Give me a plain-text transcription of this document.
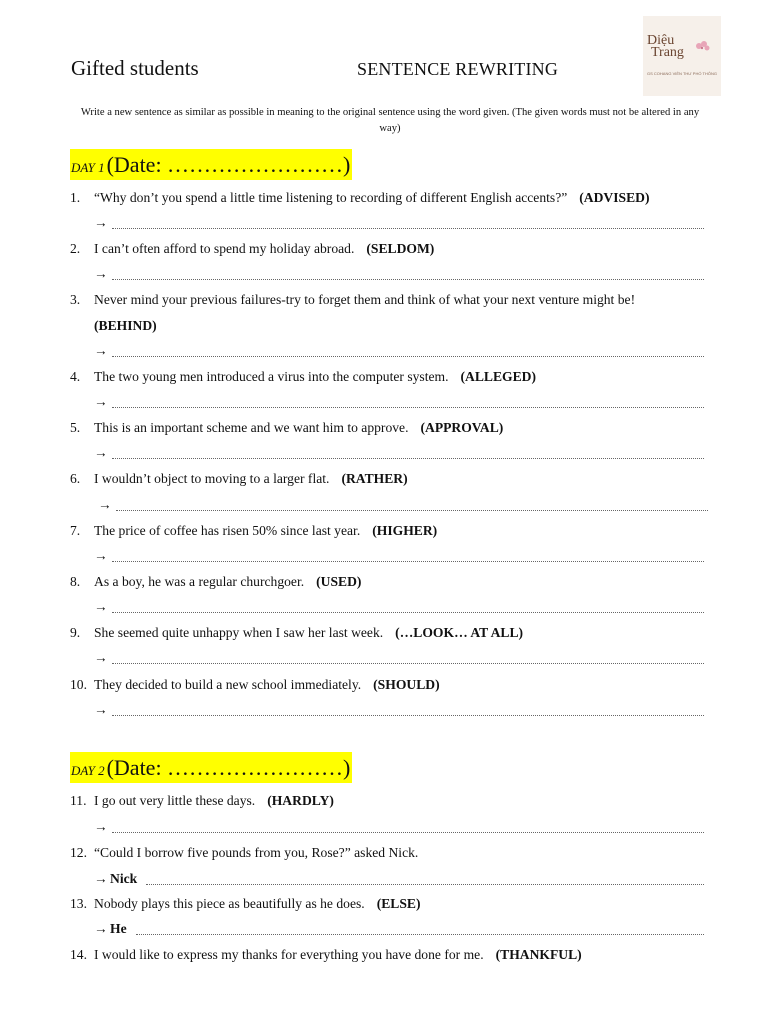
Gifted students	SENTENCE REWRITING
Diệu
Trang
GS COHANG VIÊN THƯ PHỔ THÔNG
Write a new sentence as similar as possible in meaning to the original sentence using the word given. (The given words must not be altered in any way)
DAY 1 (Date: ……………………)
1. “Why don’t you spend a little time listening to recording of different English accents?” (ADVISED)
→
2. I can’t often afford to spend my holiday abroad. (SELDOM)
→
3. Never mind your previous failures-try to forget them and think of what your next venture might be!
(BEHIND)
→
4. The two young men introduced a virus into the computer system. (ALLEGED)
→
5. This is an important scheme and we want him to approve. (APPROVAL)
→
6. I wouldn’t object to moving to a larger flat. (RATHER)
→
7. The price of coffee has risen 50% since last year. (HIGHER)
→
8. As a boy, he was a regular churchgoer. (USED)
→
9. She seemed quite unhappy when I saw her last week. (…LOOK… AT ALL)
→
10. They decided to build a new school immediately. (SHOULD)
→
DAY 2 (Date: ……………………)
11. I go out very little these days. (HARDLY)
→
12. “Could I borrow five pounds from you, Rose?” asked Nick.
→ Nick
13. Nobody plays this piece as beautifully as he does. (ELSE)
→ He
14. I would like to express my thanks for everything you have done for me. (THANKFUL)
